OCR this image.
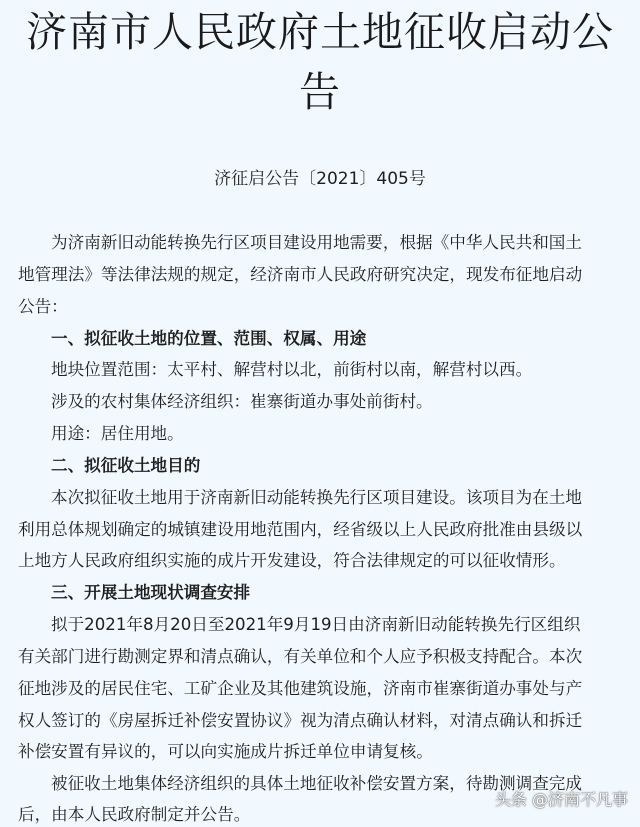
济南市人民政府土地征收启动公
告
济征启公告〔2021〕405号
为济南新旧动能转换先行区项目建设用地需要，根据《中华人民共和国土
地管理法》等法律法规的规定，经济南市人民政府研究决定，现发布征地启动
公告：
一、拟征收土地的位置、范围、权属、用途
地块位置范围：太平村、解营村以北，前街村以南，解营村以西。
涉及的农村集体经济组织：崔寨街道办事处前街村。
用途：居住用地。
二、拟征收土地目的
本次拟征收土地用于济南新旧动能转换先行区项目建设。该项目为在土地
利用总体规划确定的城镇建设用地范围内，经省级以上人民政府批准由县级以
上地方人民政府组织实施的成片开发建设，符合法律规定的可以征收情形。
三、开展土地现状调查安排
拟于2021年8月20日至2021年9月19日由济南新旧动能转换先行区组织
有关部门进行勘测定界和清点确认，有关单位和个人应予积极支持配合。本次
征地涉及的居民住宅、工矿企业及其他建筑设施，济南市崔寨街道办事处与产
权人签订的《房屋拆迁补偿安置协议》视为清点确认材料，对清点确认和拆迁
补偿安置有异议的，可以向实施成片拆迁单位申请复核。
被征收土地集体经济组织的具体土地征收补偿安置方案，待勘测调查完成
后，由本人民政府制定并公告。
头条 @济南不凡事
